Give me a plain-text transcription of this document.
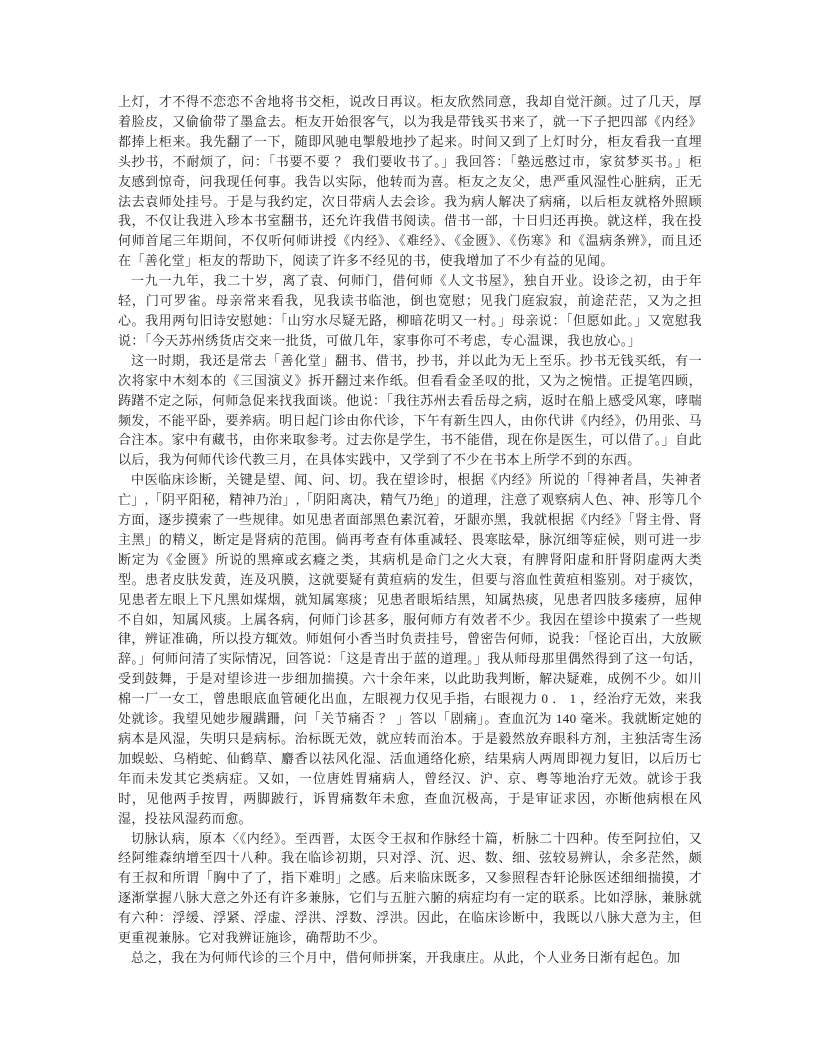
上灯，才不得不恋恋不舍地将书交柜，说改日再议。柜友欣然同意，我却自觉汗颜。过了几天，厚着脸皮，又偷偷带了墨盒去。柜友开始很客气，以为我是带钱买书来了，就一下子把四部《内经》都捧上柜来。我先翻了一下，随即风驰电掣般地抄了起来。时间又到了上灯时分，柜友看我一直埋头抄书，不耐烦了，问：「书要不要 ？ 我们要收书了。」我回答：「塾远憨过市，家贫梦买书。」柜友感到惊奇，问我现任何事。我告以实际，他转而为喜。柜友之友父，患严重风湿性心脏病，正无法去袁师处挂号。于是与我约定，次日带病人去会诊。我为病人解决了病痛，以后柜友就格外照顾我，不仅让我进入珍本书室翻书，还允许我借书阅读。借书一部，十日归还再换。就这样，我在投何师首尾三年期间，不仅听何师讲授《内经》、《难经》、《金匮》、《伤寒》和《温病条辨》，而且还在「善化堂」柜友的帮助下，阅读了许多不经见的书，使我增加了不少有益的见闻。

一九一九年，我二十岁，离了袁、何师门，借何师《人文书屋》，独自开业。设诊之初，由于年轻，门可罗雀。母亲常来看我，见我读书临池，倒也宽慰；见我门庭寂寂，前途茫茫，又为之担心。我用两句旧诗安慰她：「山穷水尽疑无路，柳暗花明又一村。」母亲说：「但愿如此。」又宽慰我说：「今天苏州绣货店交来一批货，可做几年，家事你可不考虑，专心温课，我也放心。」

这一时期，我还是常去「善化堂」翻书、借书，抄书，并以此为无上至乐。抄书无钱买纸，有一次将家中木刻本的《三国演义》拆开翻过来作纸。但看看金圣叹的批，又为之惋惜。正提笔四顾，踌躇不定之际，何师急促来找我面谈。他说：「我往苏州去看岳母之病，返时在船上感受风寒，哮喘频发，不能平卧，要养病。明日起门诊由你代诊，下午有新生四人，由你代讲《内经》，仍用张、马合注本。家中有藏书，由你来取参考。过去你是学生，书不能借，现在你是医生，可以借了。」自此以后，我为何师代诊代教三月，在具体实践中，又学到了不少在书本上所学不到的东西。

中医临床诊断，关键是望、闻、问、切。我在望诊时，根据《内经》所说的「得神者昌，失神者亡」,「阴平阳秘，精神乃治」,「阴阳离决，精气乃绝」的道理，注意了观察病人色、神、形等几个方面，逐步摸索了一些规律。如见患者面部黑色素沉着，牙龈亦黑，我就根据《内经》「肾主骨、肾主黑」的精义，断定是肾病的范围。倘再考查有体重减轻、畏寒眩晕，脉沉细等症候，则可进一步断定为《金匮》所说的黑瘅或玄癃之类，其病机是命门之火大衰，有脾肾阳虚和肝肾阴虚两大类型。患者皮肤发黄，连及巩膜，这就要疑有黄疸病的发生，但要与溶血性黄疸相鉴别。对于痰饮，见患者左眼上下凡黑如煤烟，就知属寒痰；见患者眼垢结黑，知属热痰，见患者四肢多瘘痹，屈伸不自如，知属风痰。上属各病，何师门诊甚多，服何师方有效者不少。我因在望诊中摸索了一些规律，辨证准确，所以投方辄效。师姐何小香当时负责挂号，曾密告何师，说我：「怪论百出，大放厥辞。」何师问清了实际情况，回答说：「这是青出于蓝的道理。」我从师母那里偶然得到了这一句话，受到鼓舞，于是对望诊进一步细加揣摸。六十余年来，以此助我判断，解决疑难，成例不少。如川棉一厂一女工，曾患眼底血管硬化出血，左眼视力仅见手指，右眼视力 0 ． 1 ，经治疗无效，来我处就诊。我望见她步履蹒跚，问「关节痛否 ？ 」答以「剧痛」。查血沉为 140 毫米。我就断定她的病本是风湿，失明只是病标。治标既无效，就应转而治本。于是毅然放弃眼科方剂，主独活寄生汤加蜈蚣、乌梢蛇、仙鹤草、麝香以祛风化湿、活血通络化瘀，结果病人两周即视力复旧，以后历七年而未发其它类病症。又如，一位唐姓胃痛病人，曾经汉、沪、京、粤等地治疗无效。就诊于我时，见他两手按胃，两脚跛行，诉胃痛数年未愈，查血沉极高，于是审证求因，亦断他病根在风湿，投祛风湿药而愈。

切脉认病，原本〈《内经》。至西晋，太医令王叔和作脉经十篇，析脉二十四种。传至阿拉伯，又经阿维森纳增至四十八种。我在临诊初期，只对浮、沉、迟、数、细、弦较易辨认，余多茫然，颇有王叔和所谓「胸中了了，指下难明」之感。后来临床既多，又参照程杏轩论脉医述细细揣摸，才逐渐掌握八脉大意之外还有许多兼脉，它们与五脏六腑的病症均有一定的联系。比如浮脉，兼脉就有六种：浮缓、浮紧、浮虚、浮洪、浮数、浮洪。因此，在临床诊断中，我既以八脉大意为主，但更重视兼脉。它对我辨证施诊，确帮助不少。

总之，我在为何师代诊的三个月中，借何师拼案，开我康庄。从此，个人业务日渐有起色。加
